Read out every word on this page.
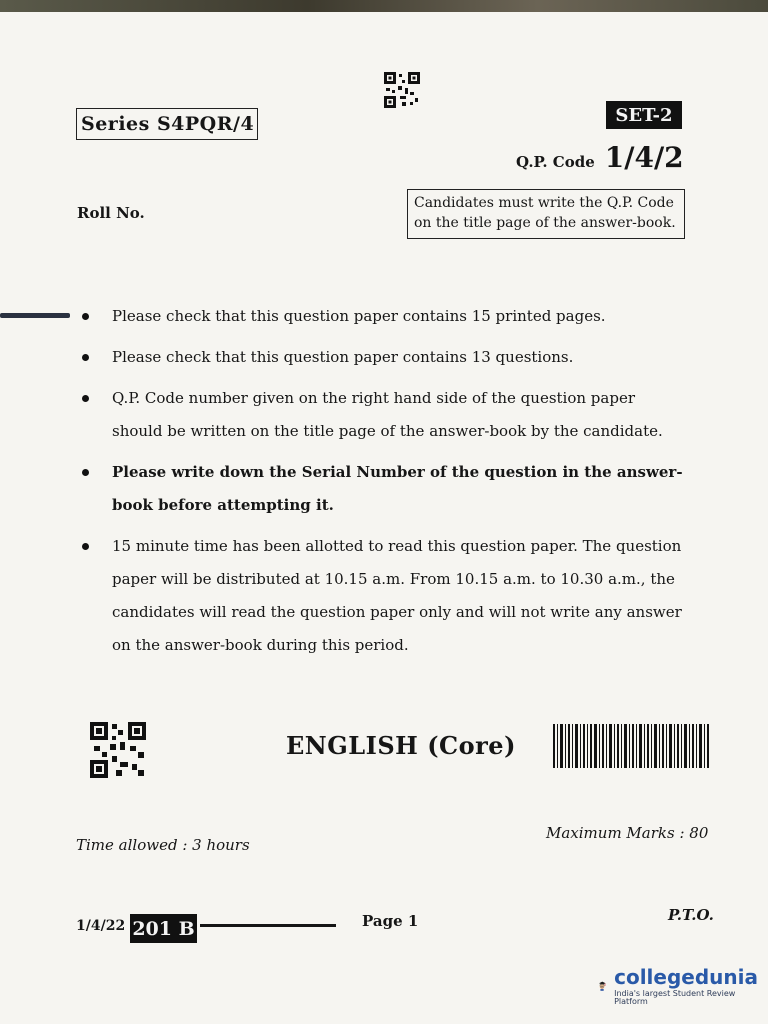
Series S4PQR/4	SET-2
Q.P. Code 1/4/2
Roll No.
Candidates must write the Q.P. Code on the title page of the answer-book.
Please check that this question paper contains 15 printed pages.
Please check that this question paper contains 13 questions.
Q.P. Code number given on the right hand side of the question paper should be written on the title page of the answer-book by the candidate.
Please write down the Serial Number of the question in the answer-book before attempting it.
15 minute time has been allotted to read this question paper. The question paper will be distributed at 10.15 a.m. From 10.15 a.m. to 10.30 a.m., the candidates will read the question paper only and will not write any answer on the answer-book during this period.
ENGLISH (Core)
Time allowed : 3 hours
Maximum Marks : 80
1/4/22 201 B	Page 1	P.T.O.
collegedunia
India's largest Student Review Platform
